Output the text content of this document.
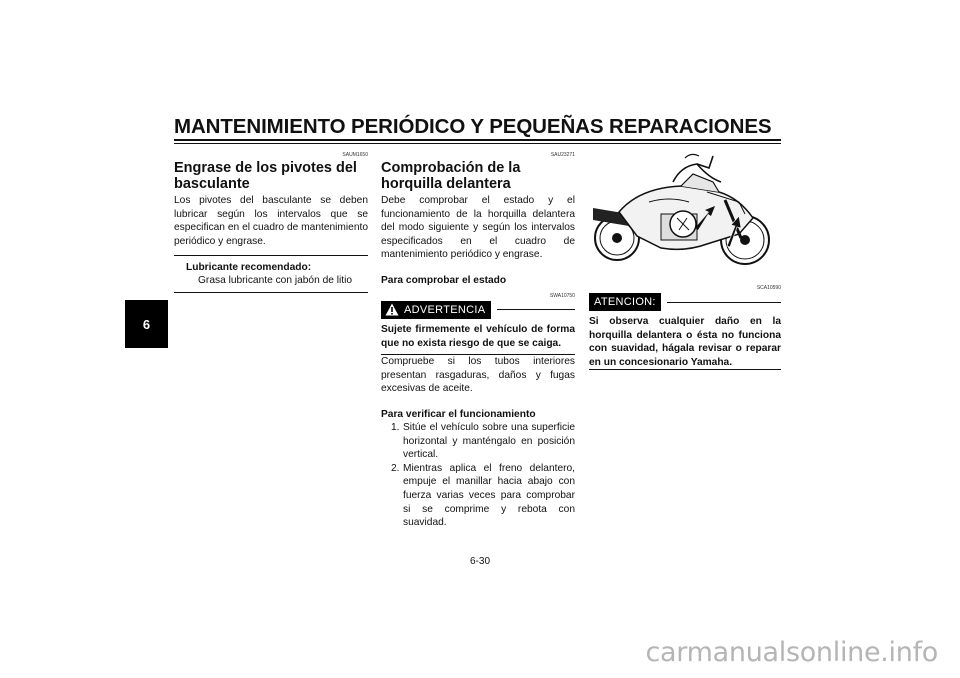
MANTENIMIENTO PERIÓDICO Y PEQUEÑAS REPARACIONES
6
SAUM1650
Engrase de los pivotes del basculante

Los pivotes del basculante se deben lubricar según los intervalos que se especifican en el cuadro de mantenimiento periódico y engrase.

Lubricante recomendado:
Grasa lubricante con jabón de litio
SAU23271
Comprobación de la horquilla delantera

Debe comprobar el estado y el funcionamiento de la horquilla delantera del modo siguiente y según los intervalos especificados en el cuadro de mantenimiento periódico y engrase.

Para comprobar el estado
SWA10750
ADVERTENCIA
Sujete firmemente el vehículo de forma que no exista riesgo de que se caiga.

Compruebe si los tubos interiores presentan rasgaduras, daños y fugas excesivas de aceite.

Para verificar el funcionamiento
1. Sitúe el vehículo sobre una superficie horizontal y manténgalo en posición vertical.
2. Mientras aplica el freno delantero, empuje el manillar hacia abajo con fuerza varias veces para comprobar si se comprime y rebota con suavidad.
SCA10590
ATENCION:
Si observa cualquier daño en la horquilla delantera o ésta no funciona con suavidad, hágala revisar o reparar en un concesionario Yamaha.
6-30
carmanualsonline.info
